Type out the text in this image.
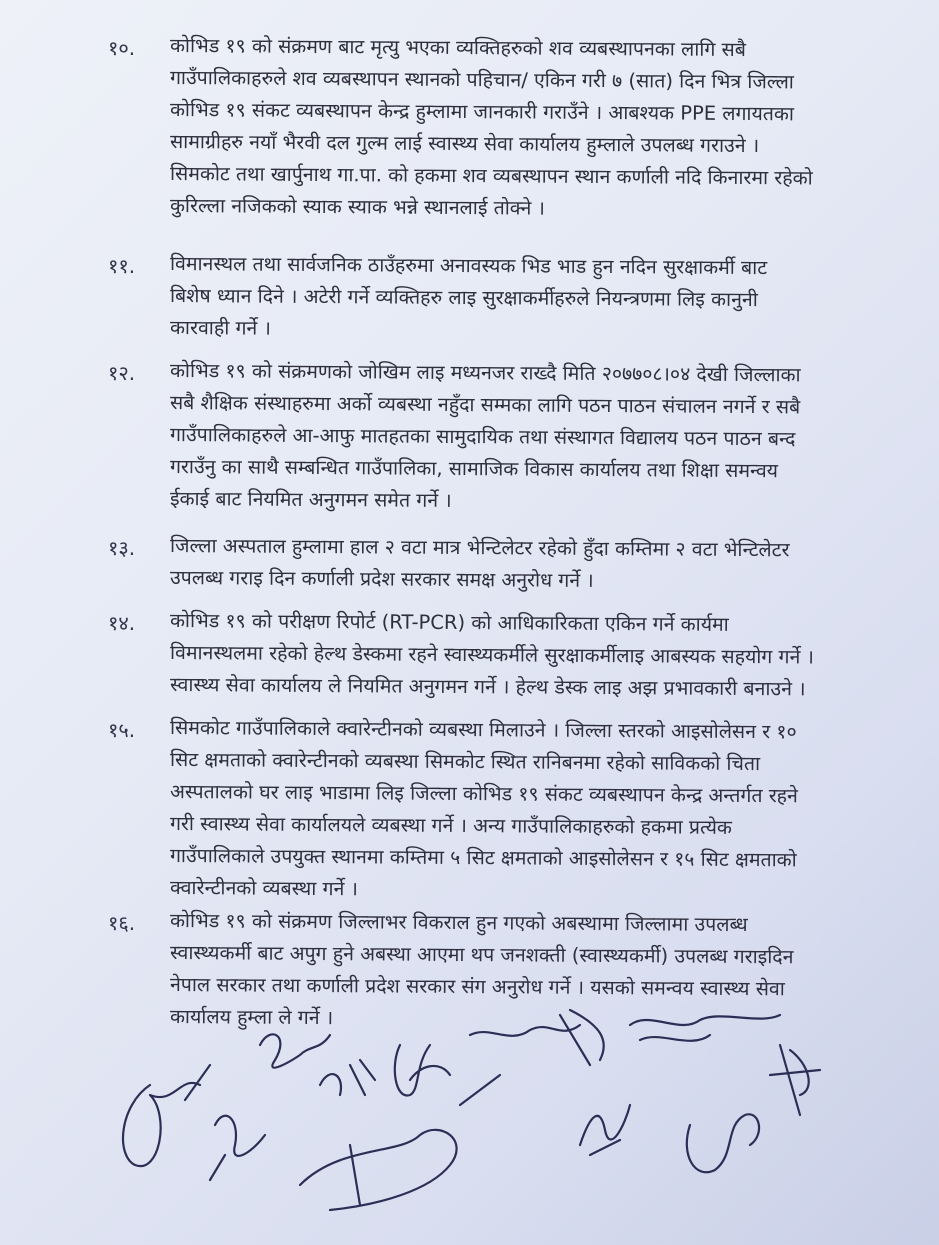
१०. कोभिड १९ को संक्रमण बाट मृत्यु भएका व्यक्तिहरुको शव व्यबस्थापनका लागि सबै
गाउँपालिकाहरुले शव व्यबस्थापन स्थानको पहिचान/ एकिन गरी ७ (सात) दिन भित्र जिल्ला
कोभिड १९ संकट व्यबस्थापन केन्द्र हुम्लामा जानकारी गराउँने । आबश्यक PPE लगायतका
सामाग्रीहरु नयाँ भैरवी दल गुल्म लाई स्वास्थ्य सेवा कार्यालय हुम्लाले उपलब्ध गराउने ।
सिमकोट तथा खार्पुनाथ गा.पा. को हकमा शव व्यबस्थापन स्थान कर्णाली नदि किनारमा रहेको
कुरिल्ला नजिकको स्याक स्याक भन्ने स्थानलाई तोक्ने ।
११. विमानस्थल तथा सार्वजनिक ठाउँहरुमा अनावस्यक भिड भाड हुन नदिन सुरक्षाकर्मी बाट
बिशेष ध्यान दिने । अटेरी गर्ने व्यक्तिहरु लाइ सुरक्षाकर्मीहरुले नियन्त्रणमा लिइ कानुनी
कारवाही गर्ने ।
१२. कोभिड १९ को संक्रमणको जोखिम लाइ मध्यनजर राख्दै मिति २०७७०८।०४ देखी जिल्लाका
सबै शैक्षिक संस्थाहरुमा अर्को व्यबस्था नहुँदा सम्मका लागि पठन पाठन संचालन नगर्ने र सबै
गाउँपालिकाहरुले आ-आफु मातहतका सामुदायिक तथा संस्थागत विद्यालय पठन पाठन बन्द
गराउँनु का साथै सम्बन्धित गाउँपालिका, सामाजिक विकास कार्यालय तथा शिक्षा समन्वय
ईकाई बाट नियमित अनुगमन समेत गर्ने ।
१३. जिल्ला अस्पताल हुम्लामा हाल २ वटा मात्र भेन्टिलेटर रहेको हुँदा कम्तिमा २ वटा भेन्टिलेटर
उपलब्ध गराइ दिन कर्णाली प्रदेश सरकार समक्ष अनुरोध गर्ने ।
१४. कोभिड १९ को परीक्षण रिपोर्ट (RT-PCR) को आधिकारिकता एकिन गर्ने कार्यमा
विमानस्थलमा रहेको हेल्थ डेस्कमा रहने स्वास्थ्यकर्मीले सुरक्षाकर्मीलाइ आबस्यक सहयोग गर्ने ।
स्वास्थ्य सेवा कार्यालय ले नियमित अनुगमन गर्ने । हेल्थ डेस्क लाइ अझ प्रभावकारी बनाउने ।
१५. सिमकोट गाउँपालिकाले क्वारेन्टीनको व्यबस्था मिलाउने । जिल्ला स्तरको आइसोलेसन र १०
सिट क्षमताको क्वारेन्टीनको व्यबस्था सिमकोट स्थित रानिबनमा रहेको साविकको चिता
अस्पतालको घर लाइ भाडामा लिइ जिल्ला कोभिड १९ संकट व्यबस्थापन केन्द्र अन्तर्गत रहने
गरी स्वास्थ्य सेवा कार्यालयले व्यबस्था गर्ने । अन्य गाउँपालिकाहरुको हकमा प्रत्येक
गाउँपालिकाले उपयुक्त स्थानमा कम्तिमा ५ सिट क्षमताको आइसोलेसन र १५ सिट क्षमताको
क्वारेन्टीनको व्यबस्था गर्ने ।
१६. कोभिड १९ को संक्रमण जिल्लाभर विकराल हुन गएको अबस्थामा जिल्लामा उपलब्ध
स्वास्थ्यकर्मी बाट अपुग हुने अबस्था आएमा थप जनशक्ती (स्वास्थ्यकर्मी) उपलब्ध गराइदिन
नेपाल सरकार तथा कर्णाली प्रदेश सरकार संग अनुरोध गर्ने । यसको समन्वय स्वास्थ्य सेवा
कार्यालय हुम्ला ले गर्ने ।
